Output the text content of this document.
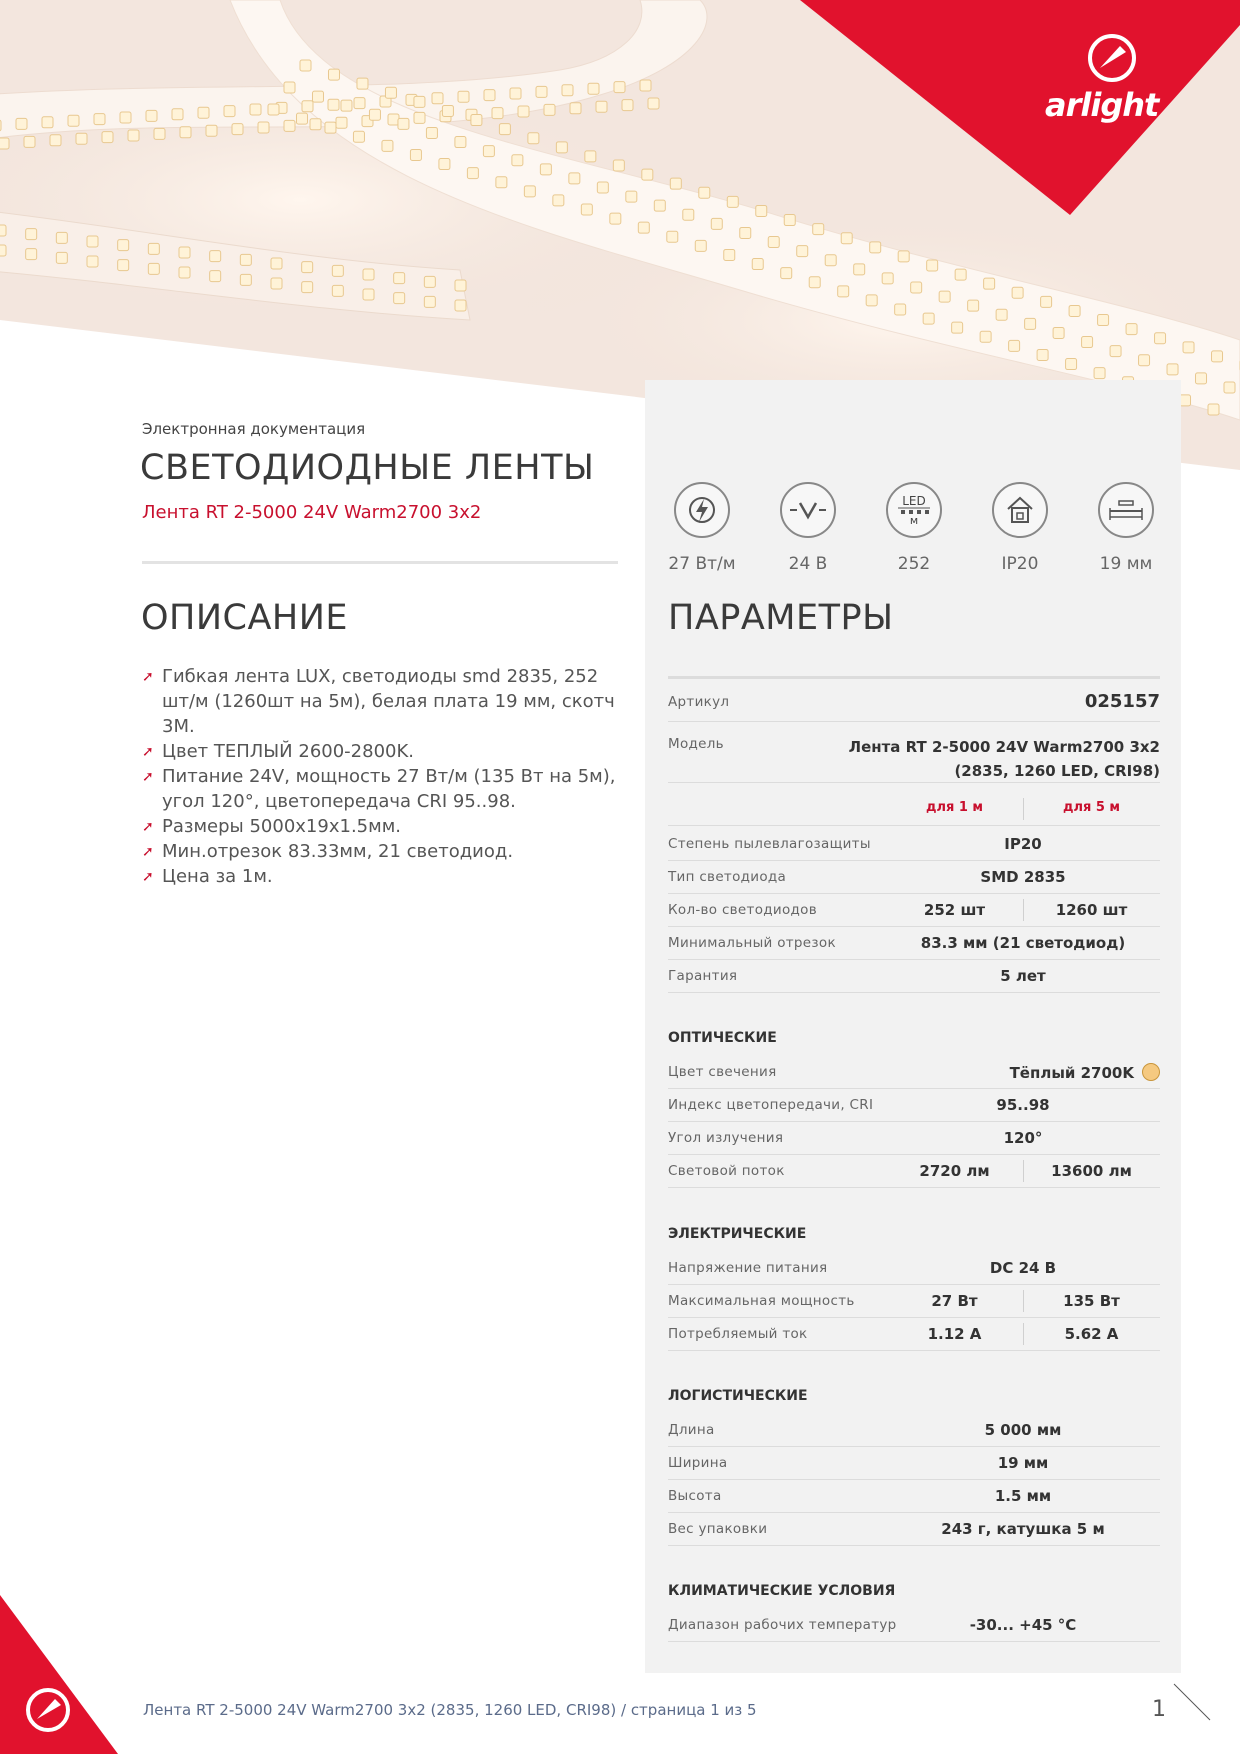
arlight
Электронная документация
СВЕТОДИОДНЫЕ ЛЕНТЫ
Лента RT 2-5000 24V Warm2700 3x2
ОПИСАНИЕ
➚ Гибкая лента LUX, светодиоды smd 2835, 252 шт/м (1260шт на 5м), белая плата 19 мм, скотч 3М.
➚ Цвет ТЕПЛЫЙ 2600-2800K.
➚ Питание 24V, мощность 27 Вт/м (135 Вт на 5м), угол 120°, цветопередача CRI 95..98.
➚ Размеры 5000x19x1.5мм.
➚ Мин.отрезок 83.33мм, 21 светодиод.
➚ Цена за 1м.
27 Вт/м	24 В
LED
м
252	IP20	19 мм
ПАРАМЕТРЫ
Артикул	025157
Модель	Лента RT 2-5000 24V Warm2700 3x2
(2835, 1260 LED, CRI98)
для 1 м	для 5 м
Степень пылевлагозащиты	IP20
Тип светодиода	SMD 2835
Кол-во светодиодов	252 шт	1260 шт
Минимальный отрезок	83.3 мм (21 светодиод)
Гарантия	5 лет
ОПТИЧЕСКИЕ
Цвет свечения	Тёплый 2700K
Индекс цветопередачи, CRI	95..98
Угол излучения	120°
Световой поток	2720 лм	13600 лм
ЭЛЕКТРИЧЕСКИЕ
Напряжение питания	DC 24 В
Максимальная мощность	27 Вт	135 Вт
Потребляемый ток	1.12 А	5.62 А
ЛОГИСТИЧЕСКИЕ
Длина	5 000 мм
Ширина	19 мм
Высота	1.5 мм
Вес упаковки	243 г, катушка 5 м
КЛИМАТИЧЕСКИЕ УСЛОВИЯ
Диапазон рабочих температур	-30... +45 °C
Лента RT 2-5000 24V Warm2700 3x2 (2835, 1260 LED, CRI98) / страница 1 из 5	1
